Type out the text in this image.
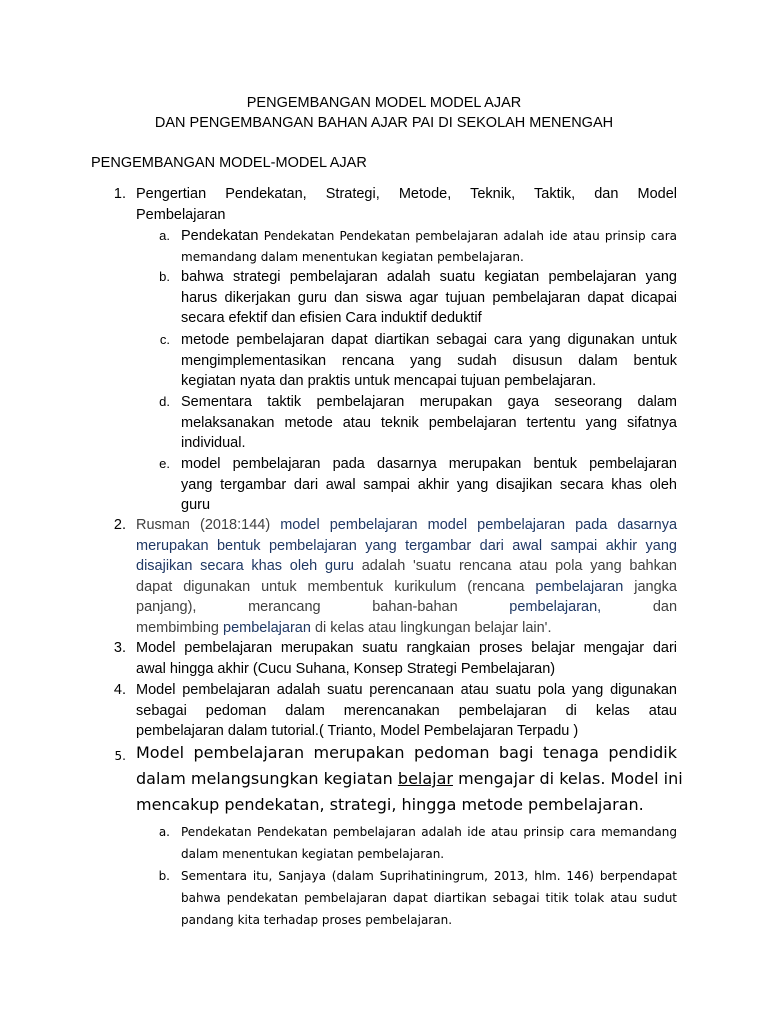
PENGEMBANGAN MODEL MODEL AJAR
DAN PENGEMBANGAN BAHAN AJAR PAI DI SEKOLAH MENENGAH
PENGEMBANGAN MODEL-MODEL AJAR
1. Pengertian Pendekatan, Strategi, Metode, Teknik, Taktik, dan Model
Pembelajaran
a. Pendekatan Pendekatan Pendekatan pembelajaran adalah ide atau prinsip cara
memandang dalam menentukan kegiatan pembelajaran.
b. bahwa strategi pembelajaran adalah suatu kegiatan pembelajaran yang
harus dikerjakan guru dan siswa agar tujuan pembelajaran dapat dicapai
secara efektif dan efisien Cara induktif deduktif
c. metode pembelajaran dapat diartikan sebagai cara yang digunakan untuk
mengimplementasikan rencana yang sudah disusun dalam bentuk
kegiatan nyata dan praktis untuk mencapai tujuan pembelajaran.
d. Sementara taktik pembelajaran merupakan gaya seseorang dalam
melaksanakan metode atau teknik pembelajaran tertentu yang sifatnya
individual.
e. model pembelajaran pada dasarnya merupakan bentuk pembelajaran
yang tergambar dari awal sampai akhir yang disajikan secara khas oleh
guru
2. Rusman (2018:144) model pembelajaran model pembelajaran pada dasarnya
merupakan bentuk pembelajaran yang tergambar dari awal sampai akhir yang
disajikan secara khas oleh guru adalah 'suatu rencana atau pola yang bahkan
dapat digunakan untuk membentuk kurikulum (rencana pembelajaran jangka
panjang), merancang bahan-bahan	pembelajaran,	dan
membimbing pembelajaran di kelas atau lingkungan belajar lain'.
3. Model pembelajaran merupakan suatu rangkaian proses belajar mengajar dari
awal hingga akhir (Cucu Suhana, Konsep Strategi Pembelajaran)
4. Model pembelajaran adalah suatu perencanaan atau suatu pola yang digunakan
sebagai pedoman dalam merencanakan pembelajaran di kelas atau
pembelajaran dalam tutorial.( Trianto, Model Pembelajaran Terpadu )
5. Model pembelajaran merupakan pedoman bagi tenaga pendidik
dalam melangsungkan kegiatan belajar mengajar di kelas. Model ini
mencakup pendekatan, strategi, hingga metode pembelajaran.
a. Pendekatan Pendekatan pembelajaran adalah ide atau prinsip cara memandang
dalam menentukan kegiatan pembelajaran.
b. Sementara itu, Sanjaya (dalam Suprihatiningrum, 2013, hlm. 146) berpendapat
bahwa pendekatan pembelajaran dapat diartikan sebagai titik tolak atau sudut
pandang kita terhadap proses pembelajaran.
